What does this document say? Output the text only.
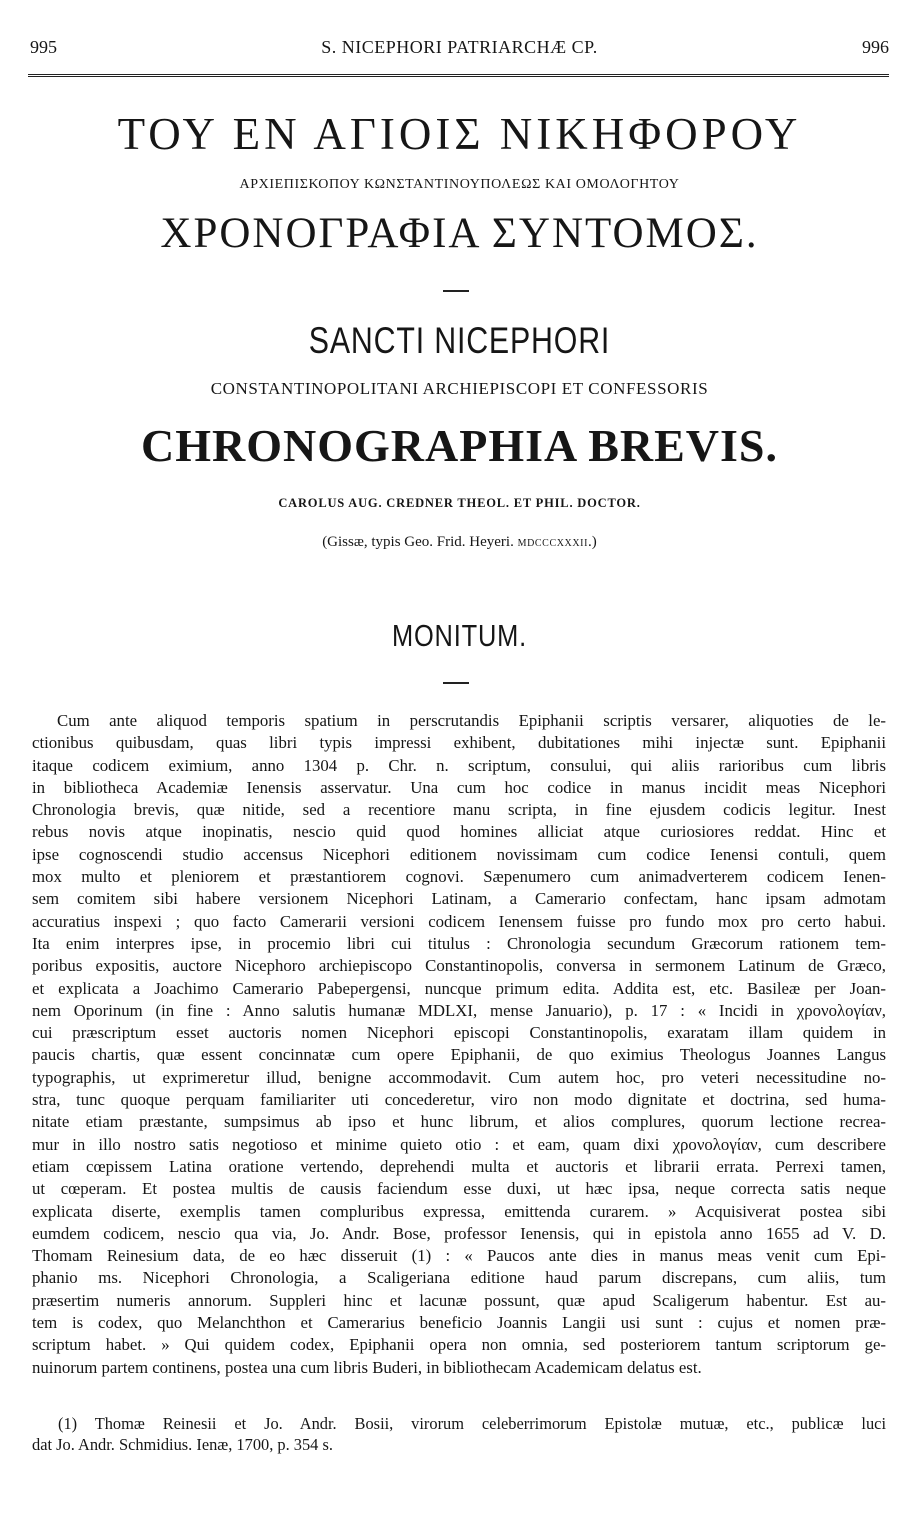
995	S. NICEPHORI PATRIARCHÆ CP.	996
ΤΟΥ ΕΝ ΑΓΙΟΙΣ ΝΙΚΗΦΟΡΟΥ
ΑΡΧΙΕΠΙΣΚΟΠΟΥ ΚΩΝΣΤΑΝΤΙΝΟΥΠΟΛΕΩΣ ΚΑΙ ΟΜΟΛΟΓΗΤΟΥ
ΧΡΟΝΟΓΡΑΦΙΑ ΣΥΝΤΟΜΟΣ.
SANCTI NICEPHORI
CONSTANTINOPOLITANI ARCHIEPISCOPI ET CONFESSORIS
CHRONOGRAPHIA BREVIS.
CAROLUS AUG. CREDNER THEOL. ET PHIL. DOCTOR.
(Gissæ, typis Geo. Frid. Heyeri. MDCCCXXXII.)
MONITUM.
Cum ante aliquod temporis spatium in perscrutandis Epiphanii scriptis versarer, aliquoties de le-
ctionibus quibusdam, quas libri typis impressi exhibent, dubitationes mihi injectæ sunt. Epiphanii
itaque codicem eximium, anno 1304 p. Chr. n. scriptum, consului, qui aliis rarioribus cum libris
in bibliotheca Academiæ Ienensis asservatur. Una cum hoc codice in manus incidit meas Nicephori
Chronologia brevis, quæ nitide, sed a recentiore manu scripta, in fine ejusdem codicis legitur. Inest
rebus novis atque inopinatis, nescio quid quod homines alliciat atque curiosiores reddat. Hinc et
ipse cognoscendi studio accensus Nicephori editionem novissimam cum codice Ienensi contuli, quem
mox multo et pleniorem et præstantiorem cognovi. Sæpenumero cum animadverterem codicem Ienen-
sem comitem sibi habere versionem Nicephori Latinam, a Camerario confectam, hanc ipsam admotam
accuratius inspexi ; quo facto Camerarii versioni codicem Ienensem fuisse pro fundo mox pro certo habui.
Ita enim interpres ipse, in procemio libri cui titulus : Chronologia secundum Græcorum rationem tem-
poribus expositis, auctore Nicephoro archiepiscopo Constantinopolis, conversa in sermonem Latinum de Græco,
et explicata a Joachimo Camerario Pabepergensi, nuncque primum edita. Addita est, etc. Basileæ per Joan-
nem Oporinum (in fine : Anno salutis humanæ MDLXI, mense Januario), p. 17 : « Incidi in χρονολογίαν,
cui præscriptum esset auctoris nomen Nicephori episcopi Constantinopolis, exaratam illam quidem in
paucis chartis, quæ essent concinnatæ cum opere Epiphanii, de quo eximius Theologus Joannes Langus
typographis, ut exprimeretur illud, benigne accommodavit. Cum autem hoc, pro veteri necessitudine no-
stra, tunc quoque perquam familiariter uti concederetur, viro non modo dignitate et doctrina, sed huma-
nitate etiam præstante, sumpsimus ab ipso et hunc librum, et alios complures, quorum lectione recrea-
mur in illo nostro satis negotioso et minime quieto otio : et eam, quam dixi χρονολογίαν, cum describere
etiam cœpissem Latina oratione vertendo, deprehendi multa et auctoris et librarii errata. Perrexi tamen,
ut cœperam. Et postea multis de causis faciendum esse duxi, ut hæc ipsa, neque correcta satis neque
explicata diserte, exemplis tamen compluribus expressa, emittenda curarem. » Acquisiverat postea sibi
eumdem codicem, nescio qua via, Jo. Andr. Bose, professor Ienensis, qui in epistola anno 1655 ad V. D.
Thomam Reinesium data, de eo hæc disseruit (1) : « Paucos ante dies in manus meas venit cum Epi-
phanio ms. Nicephori Chronologia, a Scaligeriana editione haud parum discrepans, cum aliis, tum
præsertim numeris annorum. Suppleri hinc et lacunæ possunt, quæ apud Scaligerum habentur. Est au-
tem is codex, quo Melanchthon et Camerarius beneficio Joannis Langii usi sunt : cujus et nomen præ-
scriptum habet. » Qui quidem codex, Epiphanii opera non omnia, sed posteriorem tantum scriptorum ge-
nuinorum partem continens, postea una cum libris Buderi, in bibliothecam Academicam delatus est.
(1) Thomæ Reinesii et Jo. Andr. Bosii, virorum celeberrimorum Epistolæ mutuæ, etc., publicæ luci
dat Jo. Andr. Schmidius. Ienæ, 1700, p. 354 s.
